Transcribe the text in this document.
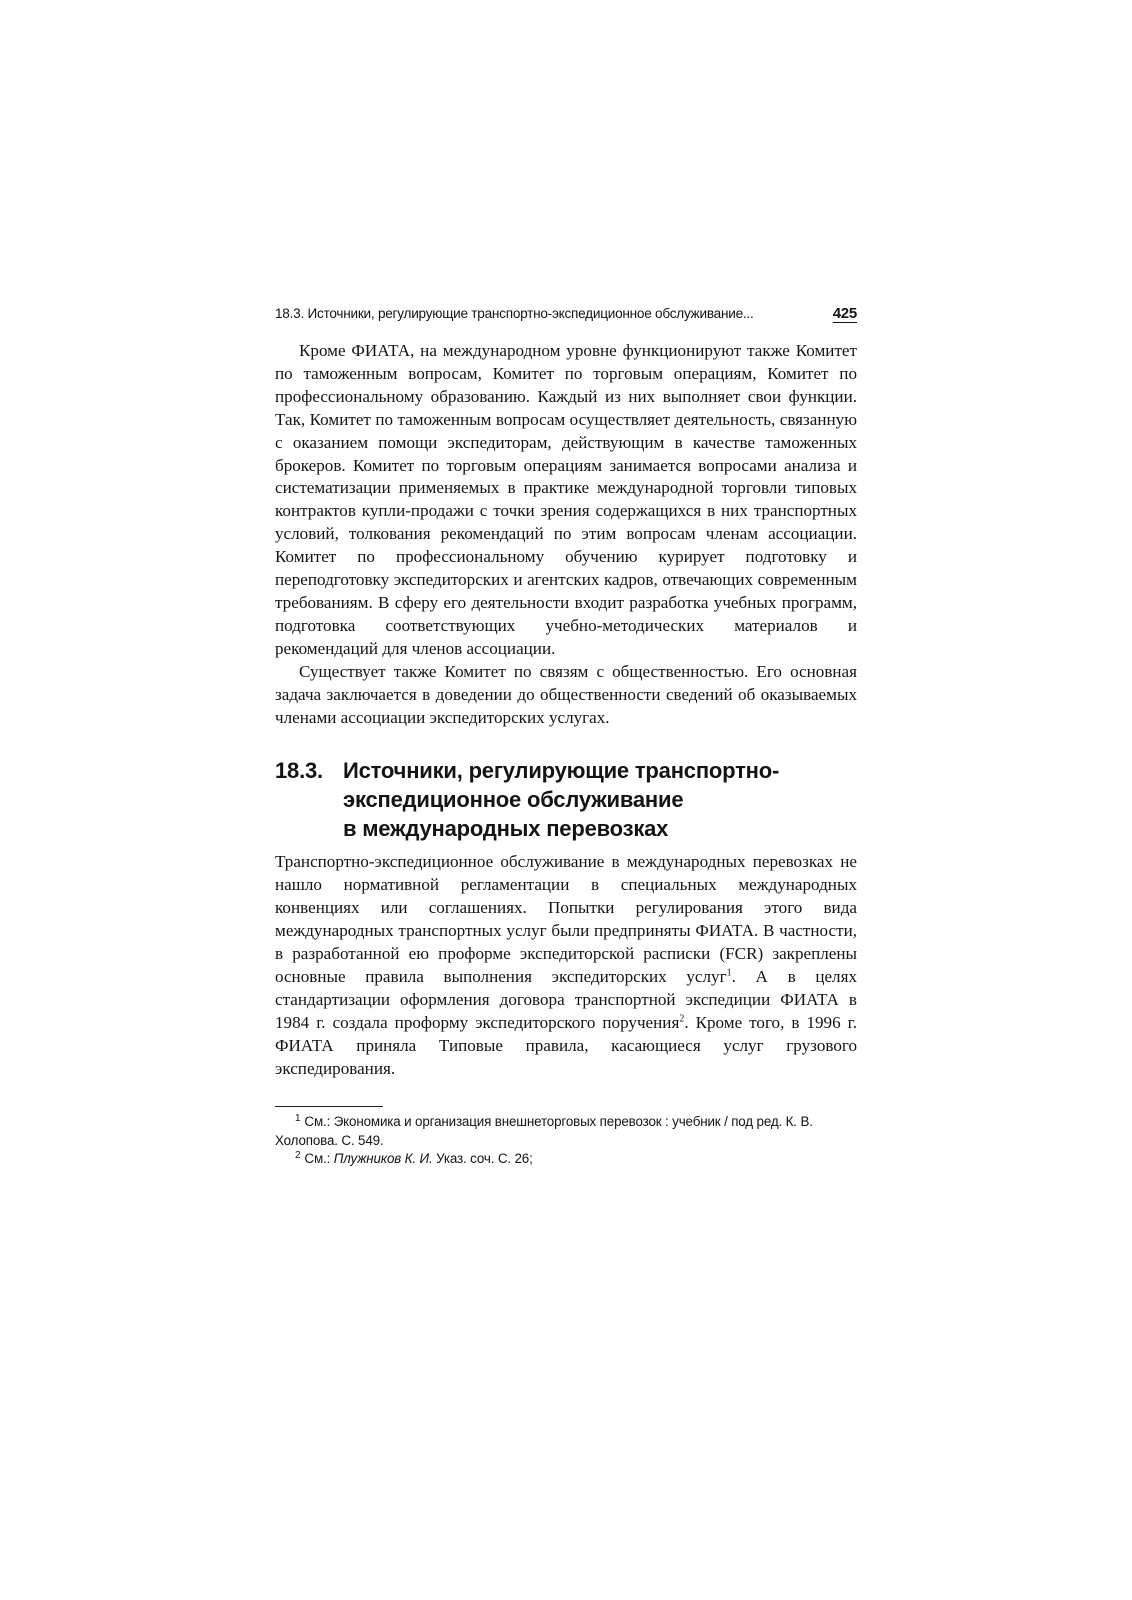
18.3. Источники, регулирующие транспортно-экспедиционное обслуживание...	425

Кроме ФИАТА, на международном уровне функционируют также Комитет по таможенным вопросам, Комитет по торговым операциям, Комитет по профессиональному образованию. Каждый из них выполняет свои функции. Так, Комитет по таможенным вопросам осуществляет деятельность, связанную с оказанием помощи экспедиторам, действующим в качестве таможенных брокеров. Комитет по торговым операциям занимается вопросами анализа и систематизации применяемых в практике международной торговли типовых контрактов купли-продажи с точки зрения содержащихся в них транспортных условий, толкования рекомендаций по этим вопросам членам ассоциации. Комитет по профессиональному обучению курирует подготовку и переподготовку экспедиторских и агентских кадров, отвечающих современным требованиям. В сферу его деятельности входит разработка учебных программ, подготовка соответствующих учебно-методических материалов и рекомендаций для членов ассоциации.

Существует также Комитет по связям с общественностью. Его основная задача заключается в доведении до общественности сведений об оказываемых членами ассоциации экспедиторских услугах.

18.3. Источники, регулирующие транспортно-
экспедиционное обслуживание
в международных перевозках

Транспортно-экспедиционное обслуживание в международных перевозках не нашло нормативной регламентации в специальных международных конвенциях или соглашениях. Попытки регулирования этого вида международных транспортных услуг были предприняты ФИАТА. В частности, в разработанной ею проформе экспедиторской расписки (FCR) закреплены основные правила выполнения экспедиторских услуг$^1$. А в целях стандартизации оформления договора транспортной экспедиции ФИАТА в 1984 г. создала проформу экспедиторского поручения$^2$. Кроме того, в 1996 г. ФИАТА приняла Типовые правила, касающиеся услуг грузового экспедирования.

$^1$ См.: Экономика и организация внешнеторговых перевозок : учебник / под ред. К. В. Холопова. С. 549.

$^2$ См.: Плужников К. И. Указ. соч. С. 26;
